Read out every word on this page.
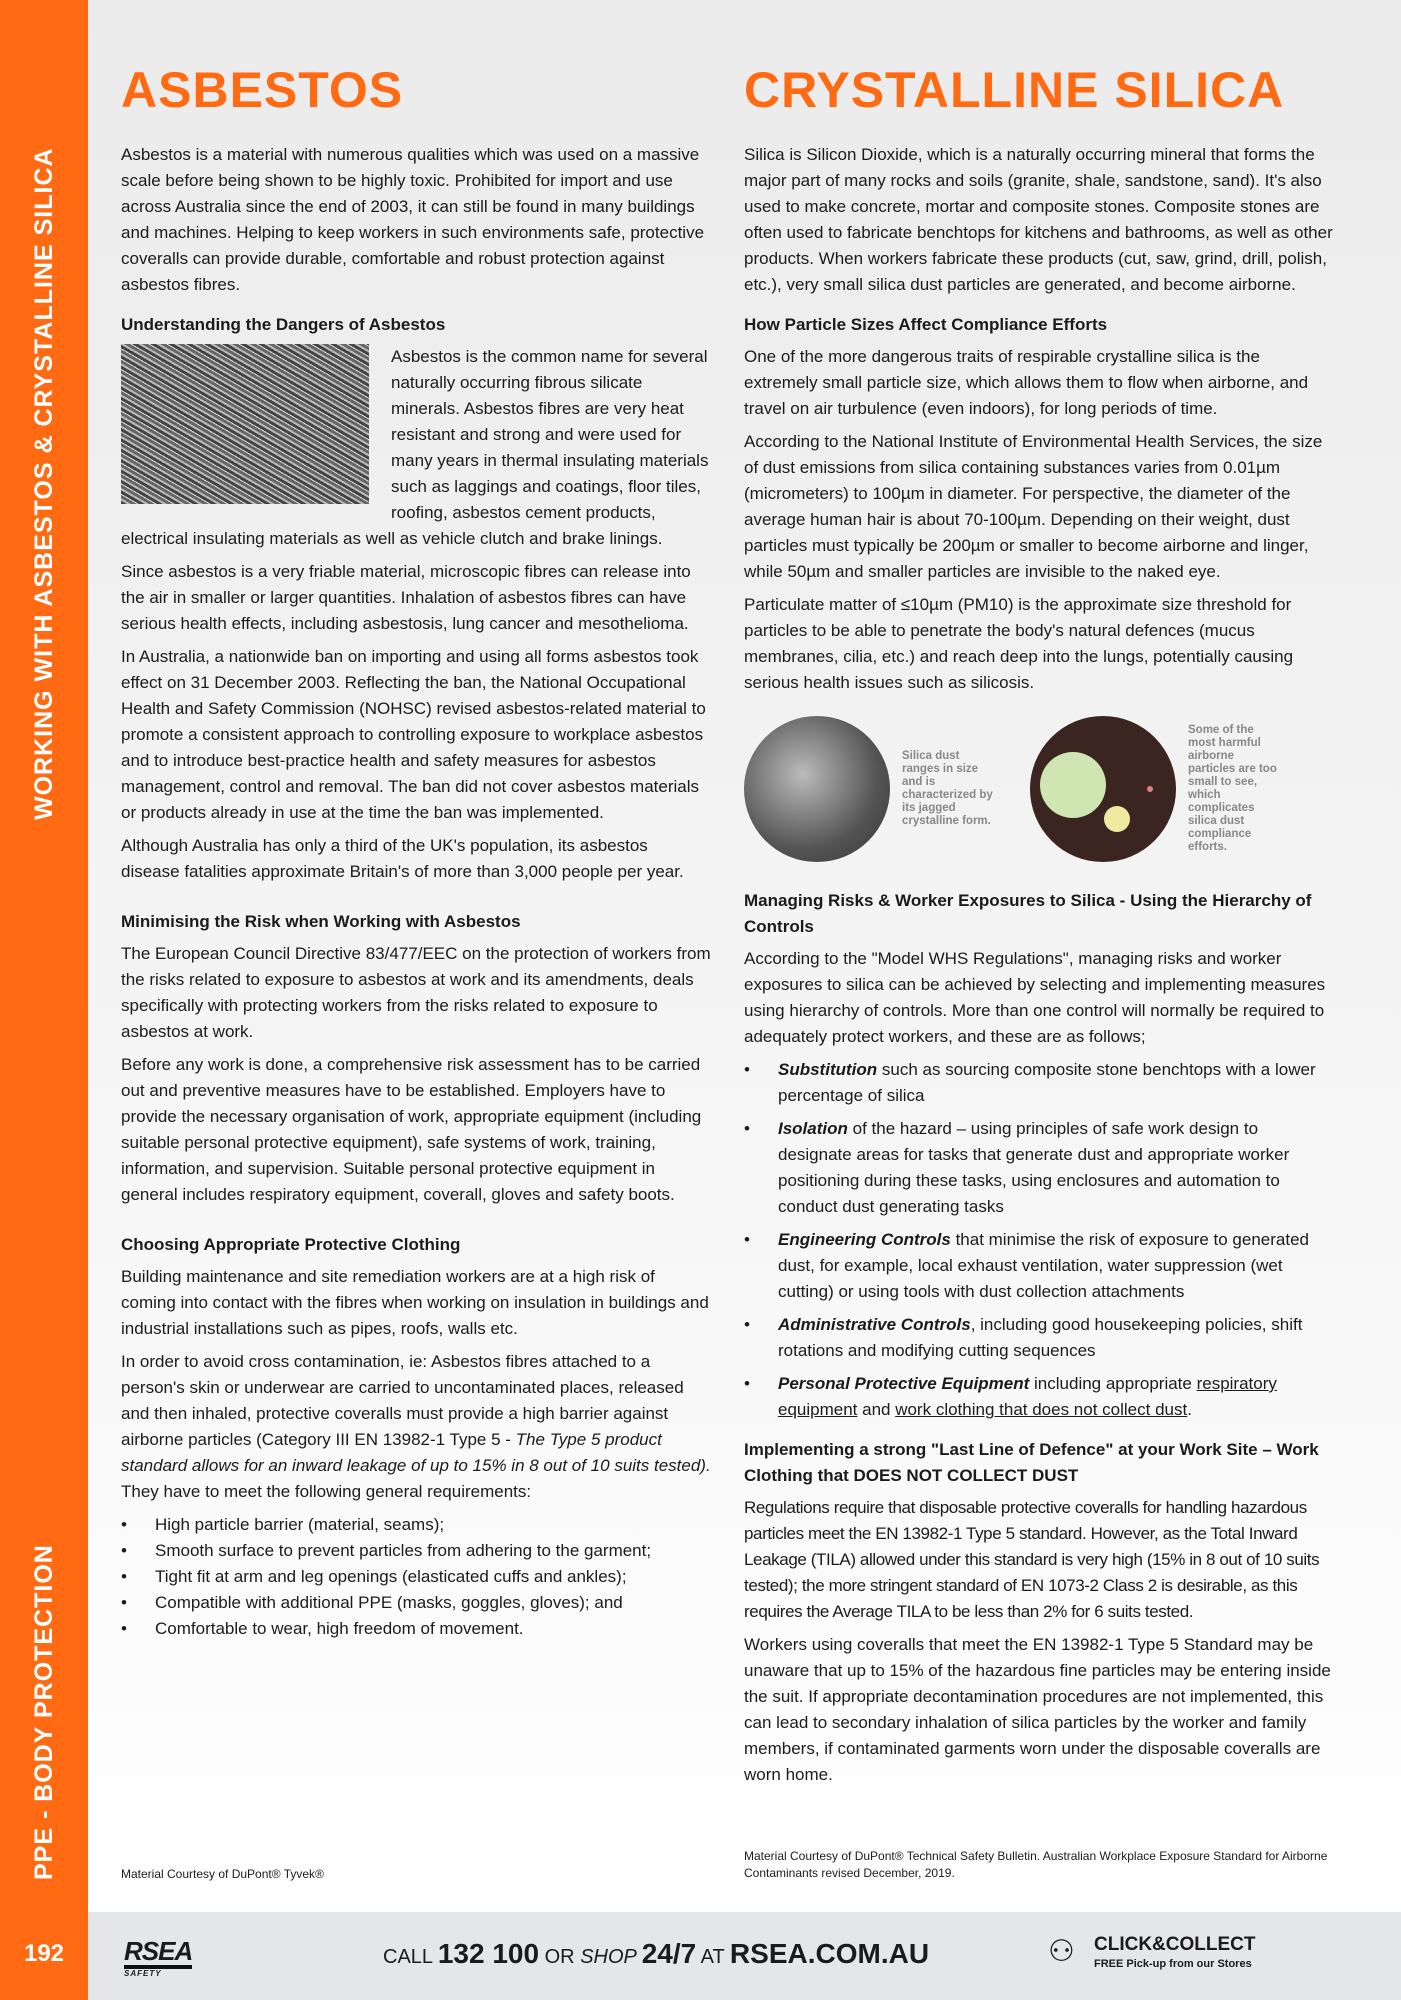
WORKING WITH ASBESTOS & CRYSTALLINE SILICA
PPE - BODY PROTECTION
192
ASBESTOS

Asbestos is a material with numerous qualities which was used on a massive scale before being shown to be highly toxic. Prohibited for import and use across Australia since the end of 2003, it can still be found in many buildings and machines. Helping to keep workers in such environments safe, protective coveralls can provide durable, comfortable and robust protection against asbestos fibres.

Understanding the Dangers of Asbestos

Asbestos is the common name for several naturally occurring fibrous silicate minerals. Asbestos fibres are very heat resistant and strong and were used for many years in thermal insulating materials such as laggings and coatings, floor tiles, roofing, asbestos cement products, electrical insulating materials as well as vehicle clutch and brake linings.

Since asbestos is a very friable material, microscopic fibres can release into the air in smaller or larger quantities. Inhalation of asbestos fibres can have serious health effects, including asbestosis, lung cancer and mesothelioma.

In Australia, a nationwide ban on importing and using all forms asbestos took effect on 31 December 2003. Reflecting the ban, the National Occupational Health and Safety Commission (NOHSC) revised asbestos-related material to promote a consistent approach to controlling exposure to workplace asbestos and to introduce best-practice health and safety measures for asbestos management, control and removal. The ban did not cover asbestos materials or products already in use at the time the ban was implemented.

Although Australia has only a third of the UK's population, its asbestos disease fatalities approximate Britain's of more than 3,000 people per year.

Minimising the Risk when Working with Asbestos

The European Council Directive 83/477/EEC on the protection of workers from the risks related to exposure to asbestos at work and its amendments, deals specifically with protecting workers from the risks related to exposure to asbestos at work.

Before any work is done, a comprehensive risk assessment has to be carried out and preventive measures have to be established. Employers have to provide the necessary organisation of work, appropriate equipment (including suitable personal protective equipment), safe systems of work, training, information, and supervision. Suitable personal protective equipment in general includes respiratory equipment, coverall, gloves and safety boots.

Choosing Appropriate Protective Clothing

Building maintenance and site remediation workers are at a high risk of coming into contact with the fibres when working on insulation in buildings and industrial installations such as pipes, roofs, walls etc.

In order to avoid cross contamination, ie: Asbestos fibres attached to a person's skin or underwear are carried to uncontaminated places, released and then inhaled, protective coveralls must provide a high barrier against airborne particles (Category III EN 13982-1 Type 5 - The Type 5 product standard allows for an inward leakage of up to 15% in 8 out of 10 suits tested). They have to meet the following general requirements:

• High particle barrier (material, seams);
• Smooth surface to prevent particles from adhering to the garment;
• Tight fit at arm and leg openings (elasticated cuffs and ankles);
• Compatible with additional PPE (masks, goggles, gloves); and
• Comfortable to wear, high freedom of movement.
Material Courtesy of DuPont® Tyvek®
CRYSTALLINE SILICA

Silica is Silicon Dioxide, which is a naturally occurring mineral that forms the major part of many rocks and soils (granite, shale, sandstone, sand). It's also used to make concrete, mortar and composite stones. Composite stones are often used to fabricate benchtops for kitchens and bathrooms, as well as other products. When workers fabricate these products (cut, saw, grind, drill, polish, etc.), very small silica dust particles are generated, and become airborne.

How Particle Sizes Affect Compliance Efforts

One of the more dangerous traits of respirable crystalline silica is the extremely small particle size, which allows them to flow when airborne, and travel on air turbulence (even indoors), for long periods of time.

According to the National Institute of Environmental Health Services, the size of dust emissions from silica containing substances varies from 0.01µm (micrometers) to 100µm in diameter. For perspective, the diameter of the average human hair is about 70-100µm. Depending on their weight, dust particles must typically be 200µm or smaller to become airborne and linger, while 50µm and smaller particles are invisible to the naked eye.

Particulate matter of ≤10µm (PM10) is the approximate size threshold for particles to be able to penetrate the body's natural defences (mucus membranes, cilia, etc.) and reach deep into the lungs, potentially causing serious health issues such as silicosis.

Silica dust ranges in size and is characterized by its jagged crystalline form.
Some of the most harmful airborne particles are too small to see, which complicates silica dust compliance efforts.
Managing Risks & Worker Exposures to Silica - Using the Hierarchy of Controls

According to the "Model WHS Regulations", managing risks and worker exposures to silica can be achieved by selecting and implementing measures using hierarchy of controls. More than one control will normally be required to adequately protect workers, and these are as follows;

• Substitution such as sourcing composite stone benchtops with a lower percentage of silica
• Isolation of the hazard – using principles of safe work design to designate areas for tasks that generate dust and appropriate worker positioning during these tasks, using enclosures and automation to conduct dust generating tasks
• Engineering Controls that minimise the risk of exposure to generated dust, for example, local exhaust ventilation, water suppression (wet cutting) or using tools with dust collection attachments
• Administrative Controls, including good housekeeping policies, shift rotations and modifying cutting sequences
• Personal Protective Equipment including appropriate respiratory equipment and work clothing that does not collect dust.
Implementing a strong "Last Line of Defence" at your Work Site – Work Clothing that DOES NOT COLLECT DUST

Regulations require that disposable protective coveralls for handling hazardous particles meet the EN 13982-1 Type 5 standard. However, as the Total Inward Leakage (TILA) allowed under this standard is very high (15% in 8 out of 10 suits tested); the more stringent standard of EN 1073-2 Class 2 is desirable, as this requires the Average TILA to be less than 2% for 6 suits tested.

Workers using coveralls that meet the EN 13982-1 Type 5 Standard may be unaware that up to 15% of the hazardous fine particles may be entering inside the suit. If appropriate decontamination procedures are not implemented, this can lead to secondary inhalation of silica particles by the worker and family members, if contaminated garments worn under the disposable coveralls are worn home.

Material Courtesy of DuPont® Technical Safety Bulletin. Australian Workplace Exposure Standard for Airborne Contaminants revised December, 2019.
RSEA
SAFETY
CALL 132 100 OR SHOP 24/7 AT RSEA.COM.AU	⚇ CLICK&COLLECT
FREE Pick-up from our Stores
